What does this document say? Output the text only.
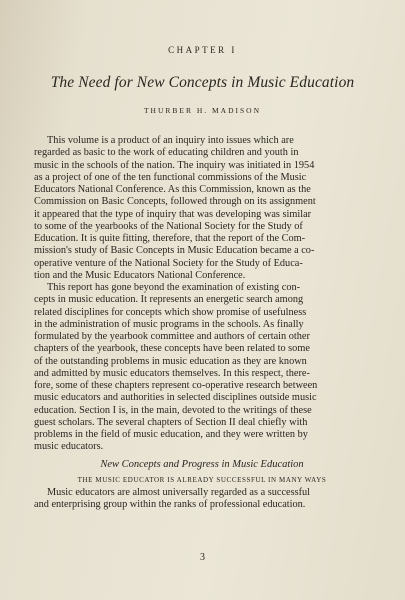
CHAPTER I
The Need for New Concepts in Music Education
THURBER H. MADISON

This volume is a product of an inquiry into issues which are
regarded as basic to the work of educating children and youth in
music in the schools of the nation. The inquiry was initiated in 1954
as a project of one of the ten functional commissions of the Music
Educators National Conference. As this Commission, known as the
Commission on Basic Concepts, followed through on its assignment
it appeared that the type of inquiry that was developing was similar
to some of the yearbooks of the National Society for the Study of
Education. It is quite fitting, therefore, that the report of the Com-
mission's study of Basic Concepts in Music Education became a co-
operative venture of the National Society for the Study of Educa-
tion and the Music Educators National Conference.

This report has gone beyond the examination of existing con-
cepts in music education. It represents an energetic search among
related disciplines for concepts which show promise of usefulness
in the administration of music programs in the schools. As finally
formulated by the yearbook committee and authors of certain other
chapters of the yearbook, these concepts have been related to some
of the outstanding problems in music education as they are known
and admitted by music educators themselves. In this respect, there-
fore, some of these chapters represent co-operative research between
music educators and authorities in selected disciplines outside music
education. Section I is, in the main, devoted to the writings of these
guest scholars. The several chapters of Section II deal chiefly with
problems in the field of music education, and they were written by
music educators.

New Concepts and Progress in Music Education
THE MUSIC EDUCATOR IS ALREADY SUCCESSFUL IN MANY WAYS

Music educators are almost universally regarded as a successful
and enterprising group within the ranks of professional education.

3
